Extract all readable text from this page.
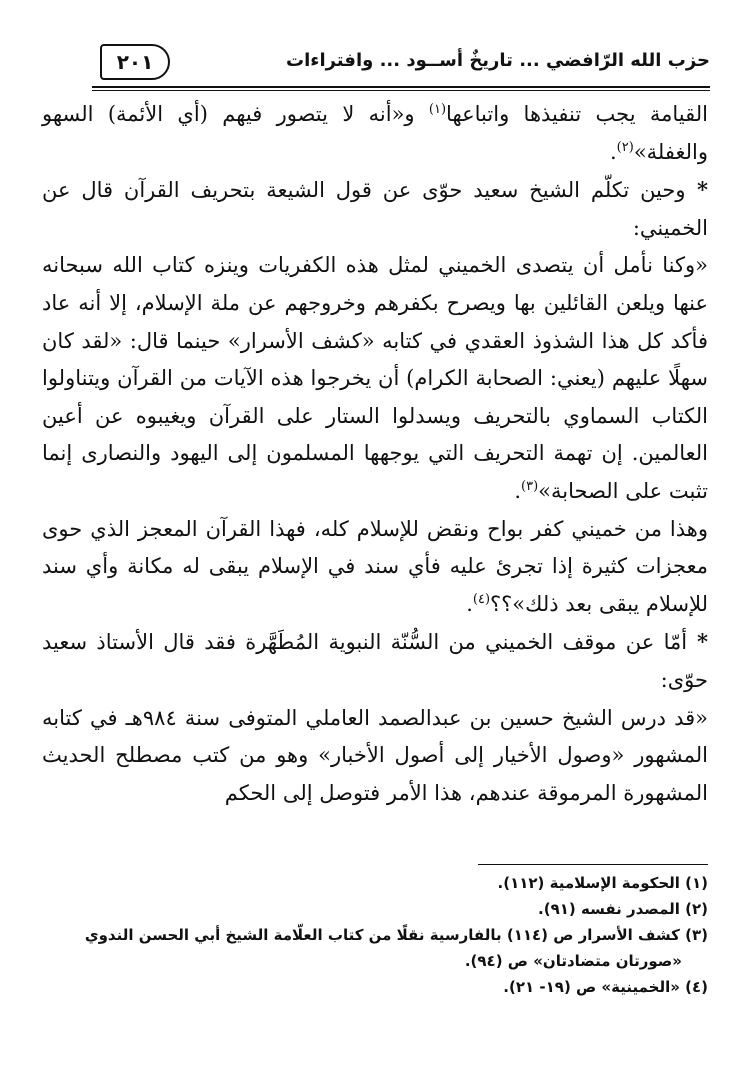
حزب الله الرّافضي ... تاريخٌ أســود ... وافتراءات
٢٠١

القيامة يجب تنفيذها واتباعها$^{(١)}$ و«أنه لا يتصور فيهم (أي الأئمة) السهو والغفلة»$^{(٢)}$.

* وحين تكلّم الشيخ سعيد حوّى عن قول الشيعة بتحريف القرآن قال عن الخميني:

«وكنا نأمل أن يتصدى الخميني لمثل هذه الكفريات وينزه كتاب الله سبحانه عنها ويلعن القائلين بها ويصرح بكفرهم وخروجهم عن ملة الإسلام، إلا أنه عاد فأكد كل هذا الشذوذ العقدي في كتابه «كشف الأسرار» حينما قال: «لقد كان سهلًا عليهم (يعني: الصحابة الكرام) أن يخرجوا هذه الآيات من القرآن ويتناولوا الكتاب السماوي بالتحريف ويسدلوا الستار على القرآن ويغيبوه عن أعين العالمين. إن تهمة التحريف التي يوجهها المسلمون إلى اليهود والنصارى إنما تثبت على الصحابة»$^{(٣)}$.

وهذا من خميني كفر بواح ونقض للإسلام كله، فهذا القرآن المعجز الذي حوى معجزات كثيرة إذا تجرئ عليه فأي سند في الإسلام يبقى له مكانة وأي سند للإسلام يبقى بعد ذلك»؟؟$^{(٤)}$.

* أمّا عن موقف الخميني من السُّنّة النبوية المُطَهَّرة فقد قال الأستاذ سعيد حوّى:

«قد درس الشيخ حسين بن عبدالصمد العاملي المتوفى سنة ٩٨٤هـ في كتابه المشهور «وصول الأخيار إلى أصول الأخبار» وهو من كتب مصطلح الحديث المشهورة المرموقة عندهم، هذا الأمر فتوصل إلى الحكم

(١) الحكومة الإسلامية (١١٢).

(٢) المصدر نفسه (٩١).

(٣) كشف الأسرار ص (١١٤) بالفارسية نقلًا من كتاب العلّامة الشيخ أبي الحسن الندوي

«صورتان متضادتان» ص (٩٤).

(٤) «الخمينية» ص (١٩- ٢١).
